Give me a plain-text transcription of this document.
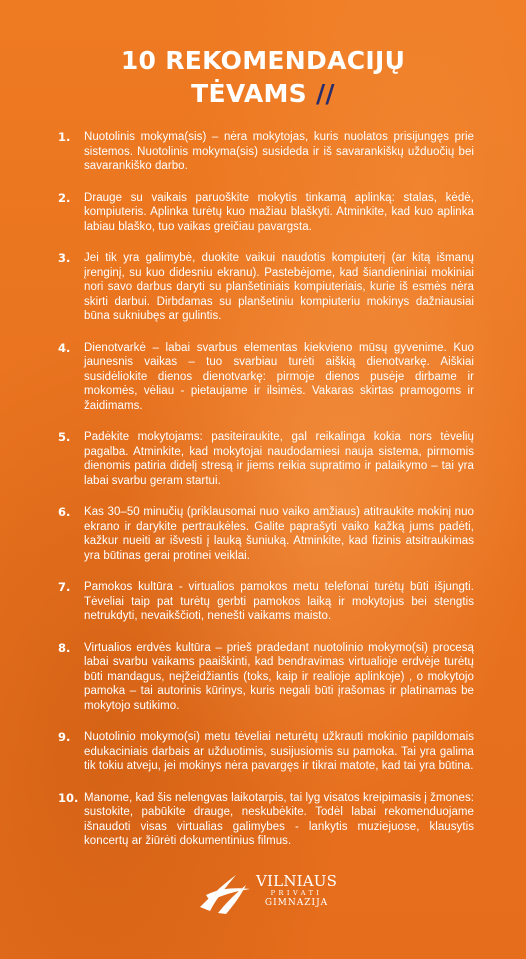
10 REKOMENDACIJŲ
TĖVAMS //
1.	Nuotolinis mokyma(sis) – nėra mokytojas, kuris nuolatos prisijungęs prie sistemos. Nuotolinis mokyma(sis) susideda ir iš savarankiškų užduočių bei savarankiško darbo.
2.	Drauge su vaikais paruoškite mokytis tinkamą aplinką: stalas, kėdė, kompiuteris. Aplinka turėtų kuo mažiau blaškyti. Atminkite, kad kuo aplinka labiau blaško, tuo vaikas greičiau pavargsta.
3.	Jei tik yra galimybė, duokite vaikui naudotis kompiuterį (ar kitą išmanų įrenginį, su kuo didesniu ekranu). Pastebėjome, kad šiandieniniai mokiniai nori savo darbus daryti su planšetiniais kompiuteriais, kurie iš esmės nėra skirti darbui. Dirbdamas su planšetiniu kompiuteriu mokinys dažniausiai būna sukniubęs ar gulintis.
4.	Dienotvarkė – labai svarbus elementas kiekvieno mūsų gyvenime. Kuo jaunesnis vaikas – tuo svarbiau turėti aiškią dienotvarkę. Aiškiai susidėliokite dienos dienotvarkę: pirmoje dienos pusėje dirbame ir mokomės, vėliau - pietaujame ir ilsimės. Vakaras skirtas pramogoms ir žaidimams.
5.	Padėkite mokytojams: pasiteiraukite, gal reikalinga kokia nors tėvelių pagalba. Atminkite, kad mokytojai naudodamiesi nauja sistema, pirmomis dienomis patiria didelį stresą ir jiems reikia supratimo ir palaikymo – tai yra labai svarbu geram startui.
6.	Kas 30–50 minučių (priklausomai nuo vaiko amžiaus) atitraukite mokinį nuo ekrano ir darykite pertraukėles. Galite paprašyti vaiko kažką jums padėti, kažkur nueiti ar išvesti į lauką šuniuką. Atminkite, kad fizinis atsitraukimas yra būtinas gerai protinei veiklai.
7.	Pamokos kultūra - virtualios pamokos metu telefonai turėtų būti išjungti. Tėveliai taip pat turėtų gerbti pamokos laiką ir mokytojus bei stengtis netrukdyti, nevaikščioti, nenešti vaikams maisto.
8.	Virtualios erdvės kultūra – prieš pradedant nuotolinio mokymo(si) procesą labai svarbu vaikams paaiškinti, kad bendravimas virtualioje erdvėje turėtų būti mandagus, neįžeidžiantis (toks, kaip ir realioje aplinkoje) , o mokytojo pamoka – tai autorinis kūrinys, kuris negali būti įrašomas ir platinamas be mokytojo sutikimo.
9.	Nuotolinio mokymo(si) metu tėveliai neturėtų užkrauti mokinio papildomais edukaciniais darbais ar užduotimis, susijusiomis su pamoka. Tai yra galima tik tokiu atveju, jei mokinys nėra pavargęs ir tikrai matote, kad tai yra būtina.
10. Manome, kad šis nelengvas laikotarpis, tai lyg visatos kreipimasis į žmones: sustokite, pabūkite drauge, neskubėkite. Todėl labai rekomenduojame išnaudoti visas virtualias galimybes - lankytis muziejuose, klausytis koncertų ar žiūrėti dokumentinius filmus.
VILNIAUS
PRIVATI
GIMNAZIJA
